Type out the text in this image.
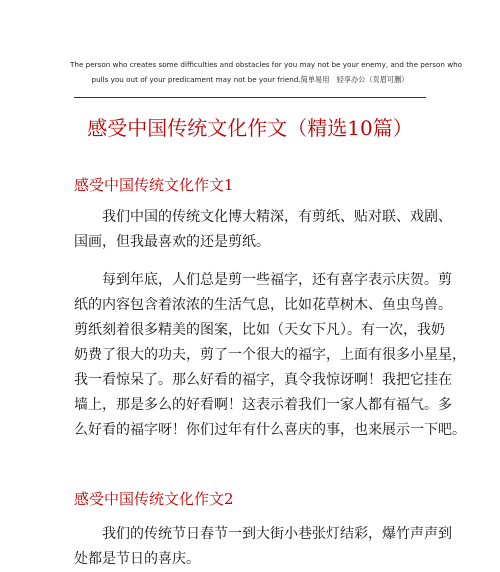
The person who creates some difficulties and obstacles for you may not be your enemy, and the person who
pulls you out of your predicament may not be your friend.简单易用　轻享办公（页眉可删）
感受中国传统文化作文（精选10篇）
感受中国传统文化作文1
我们中国的传统文化博大精深，有剪纸、贴对联、戏剧、
国画，但我最喜欢的还是剪纸。
每到年底，人们总是剪一些福字，还有喜字表示庆贺。剪
纸的内容包含着浓浓的生活气息，比如花草树木、鱼虫鸟兽。
剪纸刻着很多精美的图案，比如（天女下凡）。有一次，我奶
奶费了很大的功夫，剪了一个很大的福字，上面有很多小星星，
我一看惊呆了。那么好看的福字，真令我惊讶啊！我把它挂在
墙上，那是多么的好看啊！这表示着我们一家人都有福气。多
么好看的福字呀！你们过年有什么喜庆的事，也来展示一下吧。
感受中国传统文化作文2
我们的传统节日春节一到大街小巷张灯结彩，爆竹声声到
处都是节日的喜庆。
